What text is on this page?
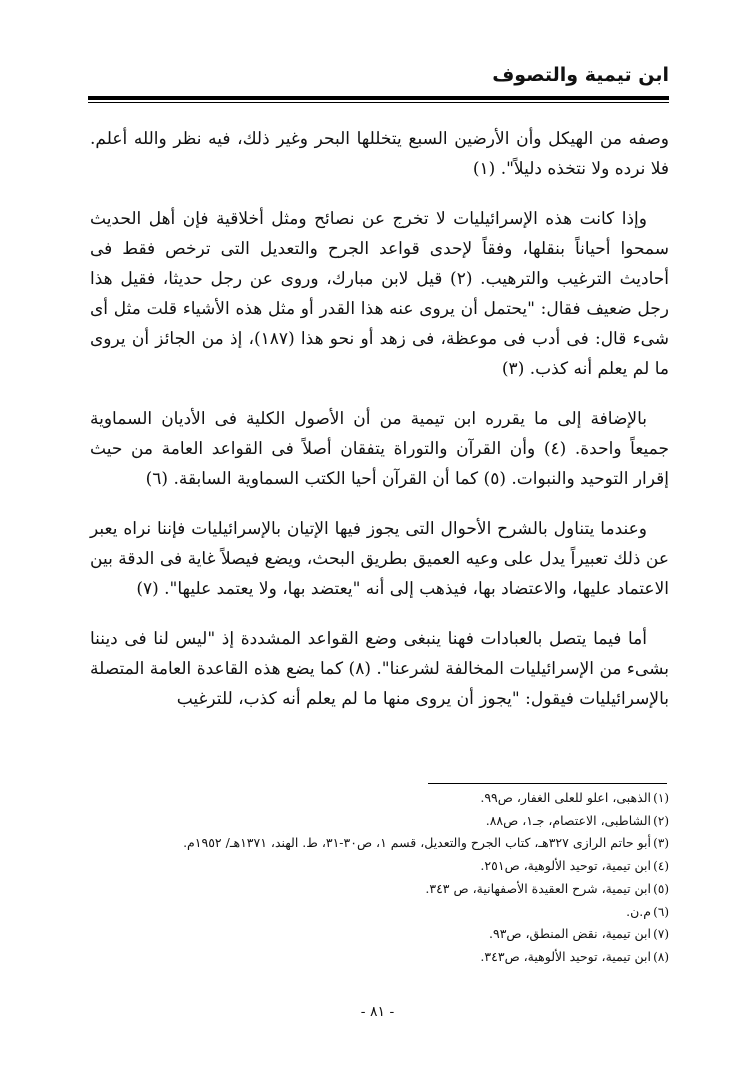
ابن تيمية والتصوف

وصفه من الهيكل وأن الأرضين السبع يتخللها البحر وغير ذلك، فيه نظر والله أعلم. فلا نرده ولا نتخذه دليلاً". (١)

وإذا كانت هذه الإسرائيليات لا تخرج عن نصائح ومثل أخلاقية فإن أهل الحديث سمحوا أحياناً بنقلها، وفقاً لإحدى قواعد الجرح والتعديل التى ترخص فقط فى أحاديث الترغيب والترهيب. (٢) قيل لابن مبارك، وروى عن رجل حديثا، فقيل هذا رجل ضعيف فقال: "يحتمل أن يروى عنه هذا القدر أو مثل هذه الأشياء قلت مثل أى شىء قال: فى أدب فى موعظة، فى زهد أو نحو هذا (١٨٧)، إذ من الجائز أن يروى ما لم يعلم أنه كذب. (٣)

بالإضافة إلى ما يقرره ابن تيمية من أن الأصول الكلية فى الأديان السماوية جميعاً واحدة. (٤) وأن القرآن والتوراة يتفقان أصلاً فى القواعد العامة من حيث إقرار التوحيد والنبوات. (٥) كما أن القرآن أحيا الكتب السماوية السابقة. (٦)

وعندما يتناول بالشرح الأحوال التى يجوز فيها الإتيان بالإسرائيليات فإننا نراه يعبر عن ذلك تعبيراً يدل على وعيه العميق بطريق البحث، ويضع فيصلاً غاية فى الدقة بين الاعتماد عليها، والاعتضاد بها، فيذهب إلى أنه "يعتضد بها، ولا يعتمد عليها". (٧)

أما فيما يتصل بالعبادات فهنا ينبغى وضع القواعد المشددة إذ "ليس لنا فى ديننا بشىء من الإسرائيليات المخالفة لشرعنا". (٨) كما يضع هذه القاعدة العامة المتصلة بالإسرائيليات فيقول: "يجوز أن يروى منها ما لم يعلم أنه كذب، للترغيب

(١)الذهبى، اعلو للعلى الغفار، ص٩٩.
(٢)الشاطبى، الاعتصام، جـ١، ص٨٨.
(٣)أبو حاتم الرازى ٣٢٧هـ، كتاب الجرح والتعديل، قسم ١، ص٣٠-٣١، ط. الهند، ١٣٧١هـ/ ١٩٥٢م.
(٤)ابن تيمية، توحيد الألوهية، ص٢٥١.
(٥)ابن تيمية، شرح العقيدة الأصفهانية، ص ٣٤٣.
(٦)م.ن.
(٧)ابن تيمية، نقض المنطق، ص٩٣.
(٨)ابن تيمية، توحيد الألوهية، ص٣٤٣.
- ٨١ -
